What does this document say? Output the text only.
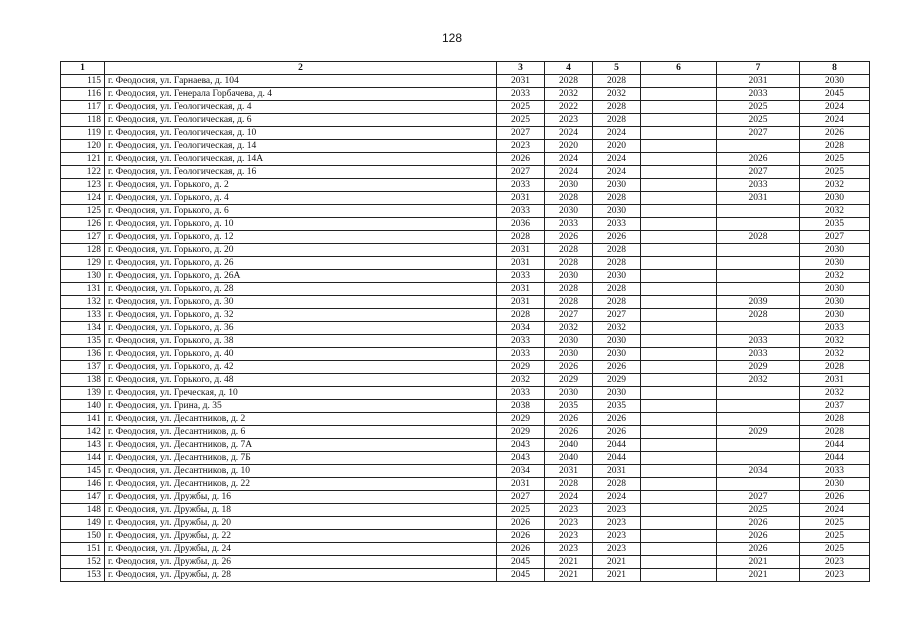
128
1	2	3	4	5	6	7	8
115	г. Феодосия, ул. Гарнаева, д. 104	2031	2028	2028		2031	2030
116	г. Феодосия, ул. Генерала Горбачева, д. 4	2033	2032	2032		2033	2045
117	г. Феодосия, ул. Геологическая, д. 4	2025	2022	2028		2025	2024
118	г. Феодосия, ул. Геологическая, д. 6	2025	2023	2028		2025	2024
119	г. Феодосия, ул. Геологическая, д. 10	2027	2024	2024		2027	2026
120	г. Феодосия, ул. Геологическая, д. 14	2023	2020	2020			2028
121	г. Феодосия, ул. Геологическая, д. 14А	2026	2024	2024		2026	2025
122	г. Феодосия, ул. Геологическая, д. 16	2027	2024	2024		2027	2025
123	г. Феодосия, ул. Горького, д. 2	2033	2030	2030		2033	2032
124	г. Феодосия, ул. Горького, д. 4	2031	2028	2028		2031	2030
125	г. Феодосия, ул. Горького, д. 6	2033	2030	2030			2032
126	г. Феодосия, ул. Горького, д. 10	2036	2033	2033			2035
127	г. Феодосия, ул. Горького, д. 12	2028	2026	2026		2028	2027
128	г. Феодосия, ул. Горького, д. 20	2031	2028	2028			2030
129	г. Феодосия, ул. Горького, д. 26	2031	2028	2028			2030
130	г. Феодосия, ул. Горького, д. 26А	2033	2030	2030			2032
131	г. Феодосия, ул. Горького, д. 28	2031	2028	2028			2030
132	г. Феодосия, ул. Горького, д. 30	2031	2028	2028		2039	2030
133	г. Феодосия, ул. Горького, д. 32	2028	2027	2027		2028	2030
134	г. Феодосия, ул. Горького, д. 36	2034	2032	2032			2033
135	г. Феодосия, ул. Горького, д. 38	2033	2030	2030		2033	2032
136	г. Феодосия, ул. Горького, д. 40	2033	2030	2030		2033	2032
137	г. Феодосия, ул. Горького, д. 42	2029	2026	2026		2029	2028
138	г. Феодосия, ул. Горького, д. 48	2032	2029	2029		2032	2031
139	г. Феодосия, ул. Греческая, д. 10	2033	2030	2030			2032
140	г. Феодосия, ул. Грина, д. 35	2038	2035	2035			2037
141	г. Феодосия, ул. Десантников, д. 2	2029	2026	2026			2028
142	г. Феодосия, ул. Десантников, д. 6	2029	2026	2026		2029	2028
143	г. Феодосия, ул. Десантников, д. 7А	2043	2040	2044			2044
144	г. Феодосия, ул. Десантников, д. 7Б	2043	2040	2044			2044
145	г. Феодосия, ул. Десантников, д. 10	2034	2031	2031		2034	2033
146	г. Феодосия, ул. Десантников, д. 22	2031	2028	2028			2030
147	г. Феодосия, ул. Дружбы, д. 16	2027	2024	2024		2027	2026
148	г. Феодосия, ул. Дружбы, д. 18	2025	2023	2023		2025	2024
149	г. Феодосия, ул. Дружбы, д. 20	2026	2023	2023		2026	2025
150	г. Феодосия, ул. Дружбы, д. 22	2026	2023	2023		2026	2025
151	г. Феодосия, ул. Дружбы, д. 24	2026	2023	2023		2026	2025
152	г. Феодосия, ул. Дружбы, д. 26	2045	2021	2021		2021	2023
153	г. Феодосия, ул. Дружбы, д. 28	2045	2021	2021		2021	2023
